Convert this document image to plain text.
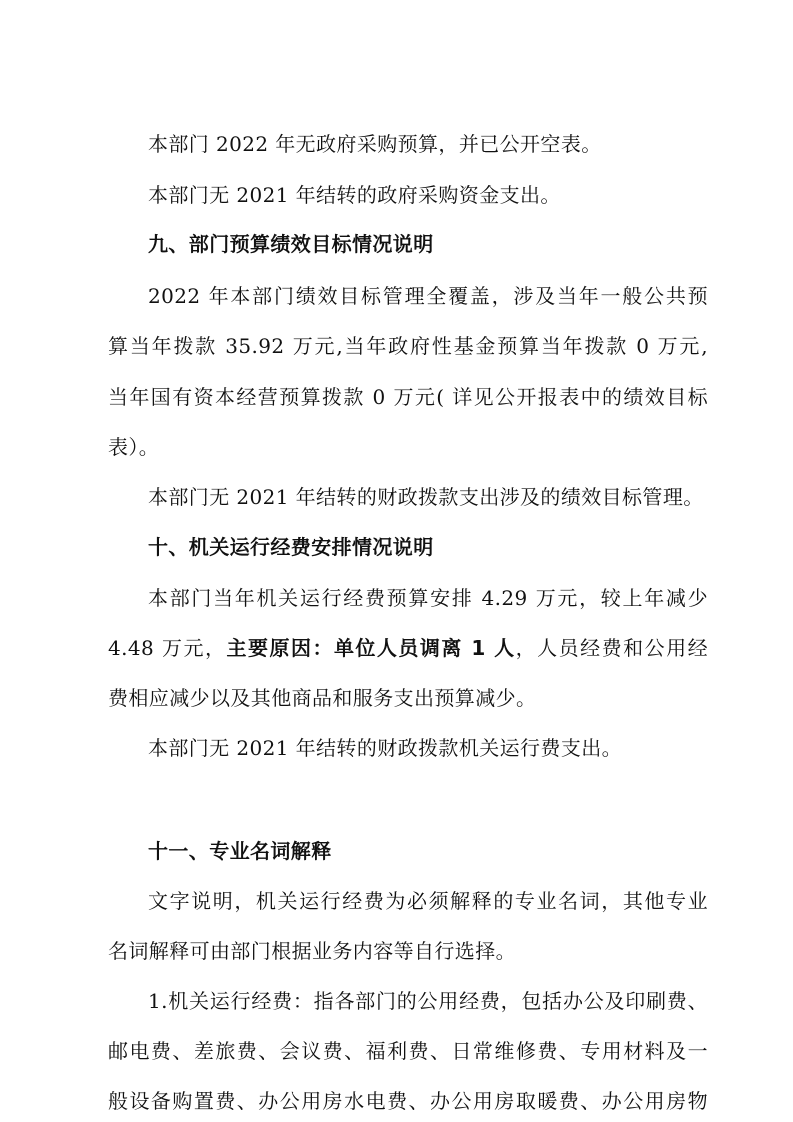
本部门 2022 年无政府采购预算，并已公开空表。
本部门无 2021 年结转的政府采购资金支出。
九、部门预算绩效目标情况说明
2022 年本部门绩效目标管理全覆盖，涉及当年一般公共预
算当年拨款 35.92 万元,当年政府性基金预算当年拨款 0 万元,
当年国有资本经营预算拨款 0 万元( 详见公开报表中的绩效目标
表）。
本部门无 2021 年结转的财政拨款支出涉及的绩效目标管理。
十、机关运行经费安排情况说明
本部门当年机关运行经费预算安排 4.29 万元，较上年减少
4.48 万元，主要原因：单位人员调离 1 人，人员经费和公用经
费相应减少以及其他商品和服务支出预算减少。
本部门无 2021 年结转的财政拨款机关运行费支出。
十一、专业名词解释
文字说明，机关运行经费为必须解释的专业名词，其他专业
名词解释可由部门根据业务内容等自行选择。
1.机关运行经费：指各部门的公用经费，包括办公及印刷费、
邮电费、差旅费、会议费、福利费、日常维修费、专用材料及一
般设备购置费、办公用房水电费、办公用房取暖费、办公用房物
